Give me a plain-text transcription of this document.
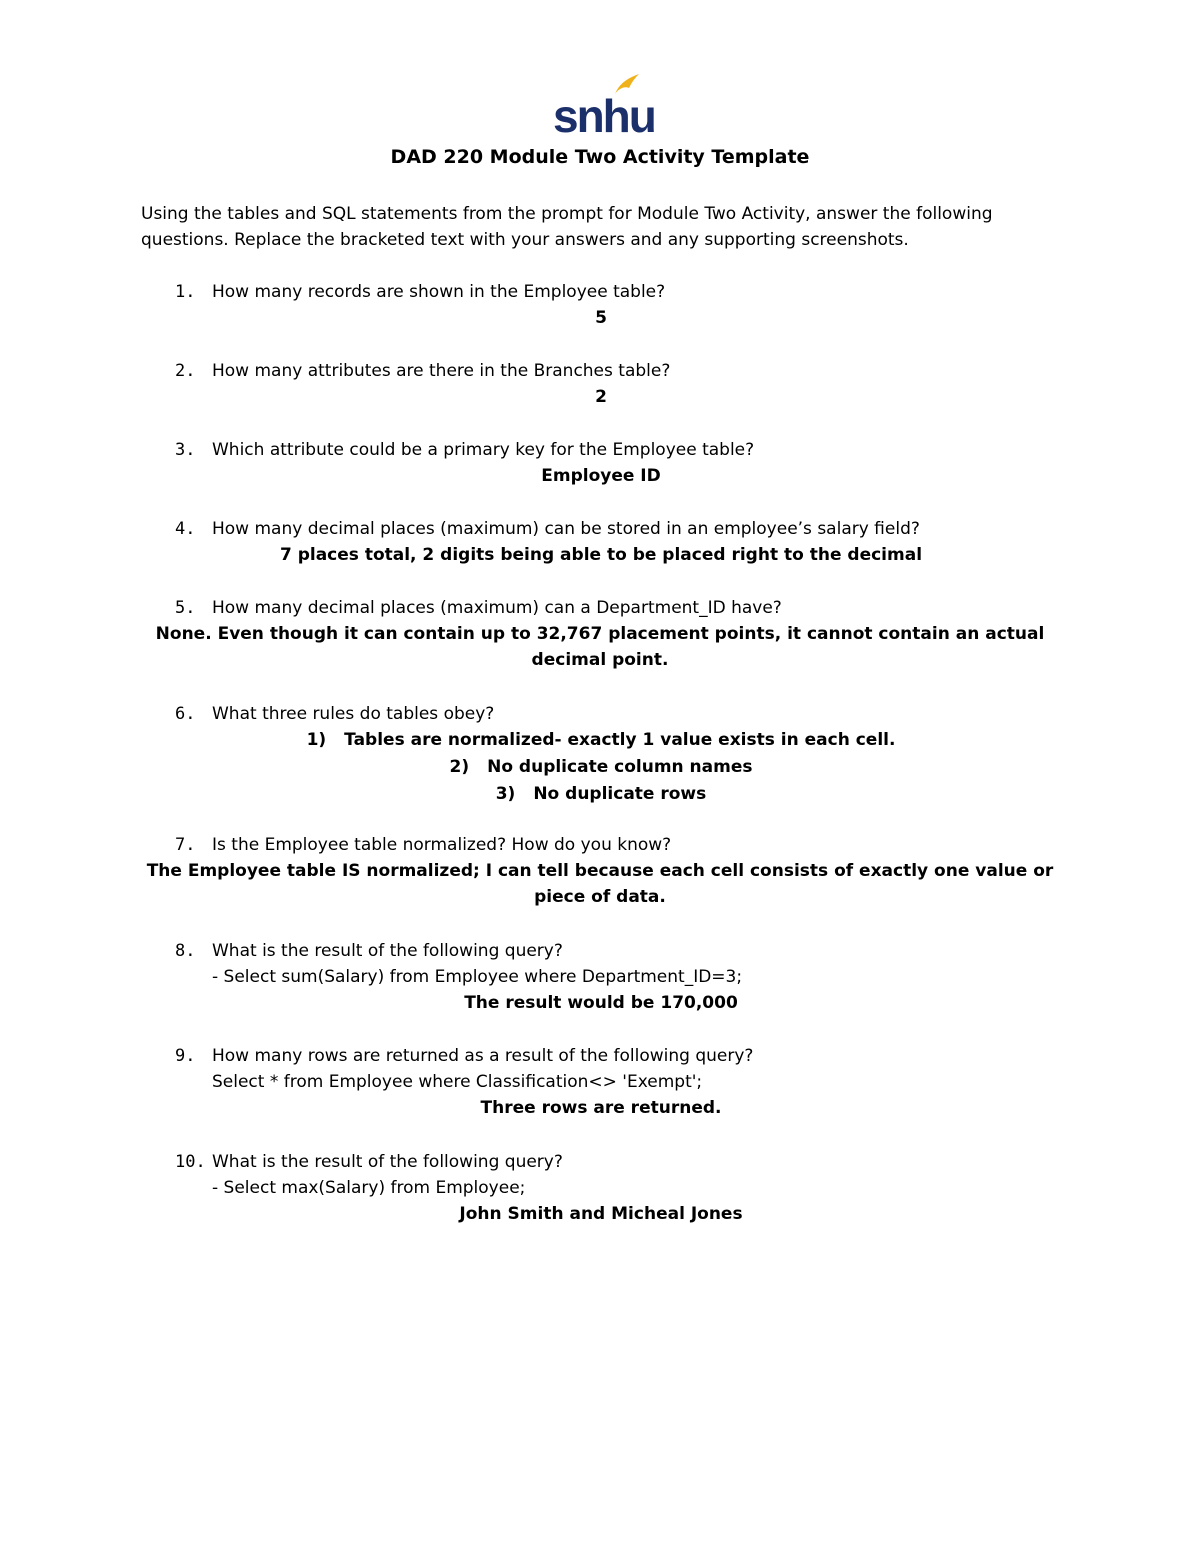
snhu
DAD 220 Module Two Activity Template
Using the tables and SQL statements from the prompt for Module Two Activity, answer the following questions. Replace the bracketed text with your answers and any supporting screenshots.
1. How many records are shown in the Employee table?
5
2. How many attributes are there in the Branches table?
2
3. Which attribute could be a primary key for the Employee table?
Employee ID
4. How many decimal places (maximum) can be stored in an employee’s salary field?
7 places total, 2 digits being able to be placed right to the decimal
5. How many decimal places (maximum) can a Department_ID have?
None. Even though it can contain up to 32,767 placement points, it cannot contain an actual decimal point.
6. What three rules do tables obey?
1) Tables are normalized- exactly 1 value exists in each cell.
2) No duplicate column names
3) No duplicate rows
7. Is the Employee table normalized? How do you know?
The Employee table IS normalized; I can tell because each cell consists of exactly one value or piece of data.
8. What is the result of the following query?
- Select sum(Salary) from Employee where Department_ID=3;
The result would be 170,000
9. How many rows are returned as a result of the following query?
Select * from Employee where Classification<> 'Exempt';
Three rows are returned.
10. What is the result of the following query?
- Select max(Salary) from Employee;
John Smith and Micheal Jones
